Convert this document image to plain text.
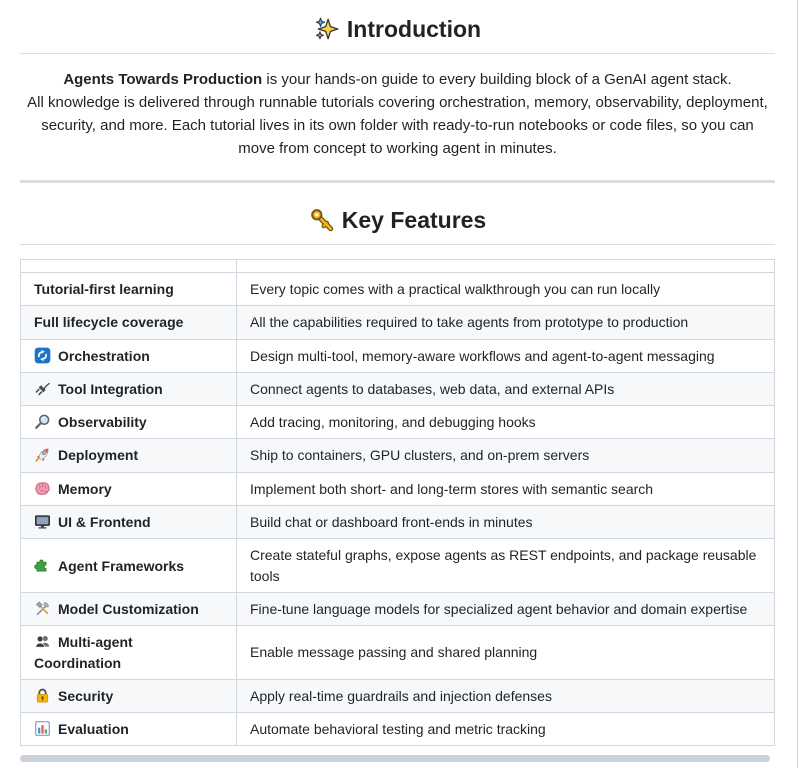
Introduction

Agents Towards Production is your hands-on guide to every building block of a GenAI agent stack.
All knowledge is delivered through runnable tutorials covering orchestration, memory, observability, deployment, security, and more. Each tutorial lives in its own folder with ready-to-run notebooks or code files, so you can move from concept to working agent in minutes.

Key Features

Tutorial-first learning	Every topic comes with a practical walkthrough you can run locally
Full lifecycle coverage	All the capabilities required to take agents from prototype to production

Orchestration	Design multi-tool, memory-aware workflows and agent-to-agent messaging

Tool Integration	Connect agents to databases, web data, and external APIs

Observability	Add tracing, monitoring, and debugging hooks

Deployment	Ship to containers, GPU clusters, and on-prem servers

Memory	Implement both short- and long-term stores with semantic search

UI & Frontend	Build chat or dashboard front-ends in minutes

Agent Frameworks	Create stateful graphs, expose agents as REST endpoints, and package reusable tools

Model Customization	Fine-tune language models for specialized agent behavior and domain expertise

Multi-agent Coordination	Enable message passing and shared planning

Security	Apply real-time guardrails and injection defenses

Evaluation	Automate behavioral testing and metric tracking
